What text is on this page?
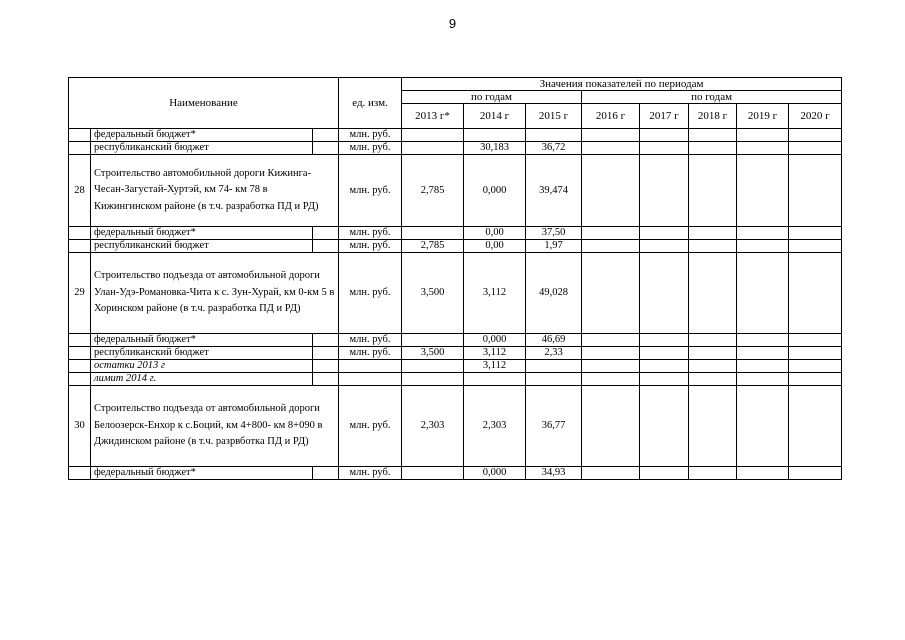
9
Наименование			ед. изм.	Значения показателей по периодам							
				по годам			по годам				
				2013 г*	2014 г	2015 г	2016 г	2017 г	2018 г	2019 г	2020 г
	федеральный бюджет*		млн. руб.								
	республиканский бюджет		млн. руб.		30,183	36,72					
28	Строительство автомобильной дороги Кижинга-Чесан-Загустай-Хуртэй, км 74- км 78 в Кижингинском районе (в т.ч. разработка ПД и РД)		млн. руб.	2,785	0,000	39,474					
	федеральный бюджет*		млн. руб.		0,00	37,50					
	республиканский бюджет		млн. руб.	2,785	0,00	1,97					
29	Строительство подъезда от автомобильной дороги Улан-Удэ-Романовка-Чита к с. Зун-Хурай, км 0-км 5 в Хоринском районе (в т.ч. разработка ПД и РД)		млн. руб.	3,500	3,112	49,028					
	федеральный бюджет*		млн. руб.		0,000	46,69					
	республиканский бюджет		млн. руб.	3,500	3,112	2,33					
	остатки 2013 г				3,112						
	лимит 2014 г.										
30	Строительство подъезда от автомобильной дороги Белоозерск-Енхор к с.Боций, км 4+800- км 8+090 в Джидинском районе (в т.ч. разрвботка ПД и РД)		млн. руб.	2,303	2,303	36,77					
	федеральный бюджет*		млн. руб.		0,000	34,93					
